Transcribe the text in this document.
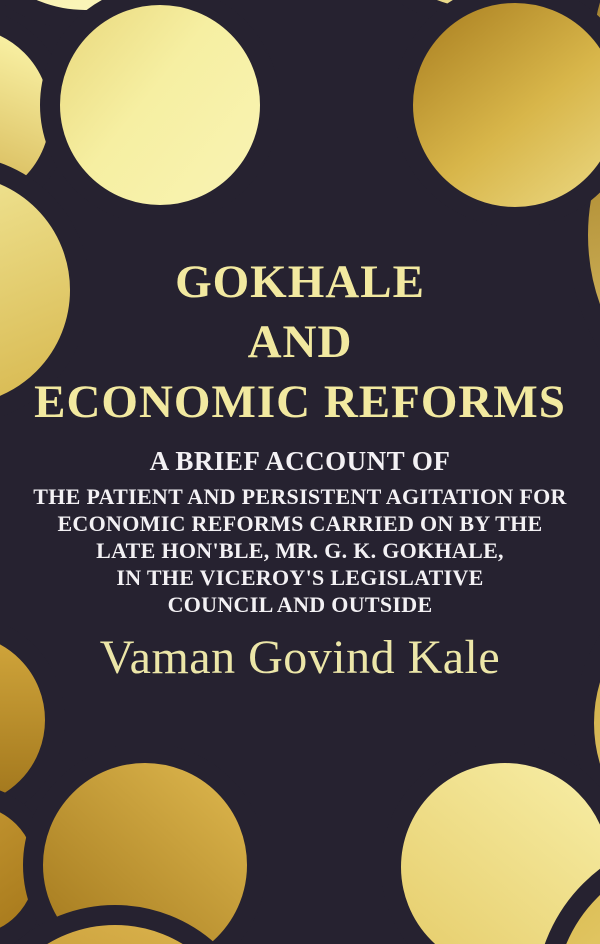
GOKHALE
AND
ECONOMIC REFORMS
A BRIEF ACCOUNT OF
THE PATIENT AND PERSISTENT AGITATION FOR
ECONOMIC REFORMS CARRIED ON BY THE
LATE HON'BLE, MR. G. K. GOKHALE,
IN THE VICEROY'S LEGISLATIVE
COUNCIL AND OUTSIDE
Vaman Govind Kale
